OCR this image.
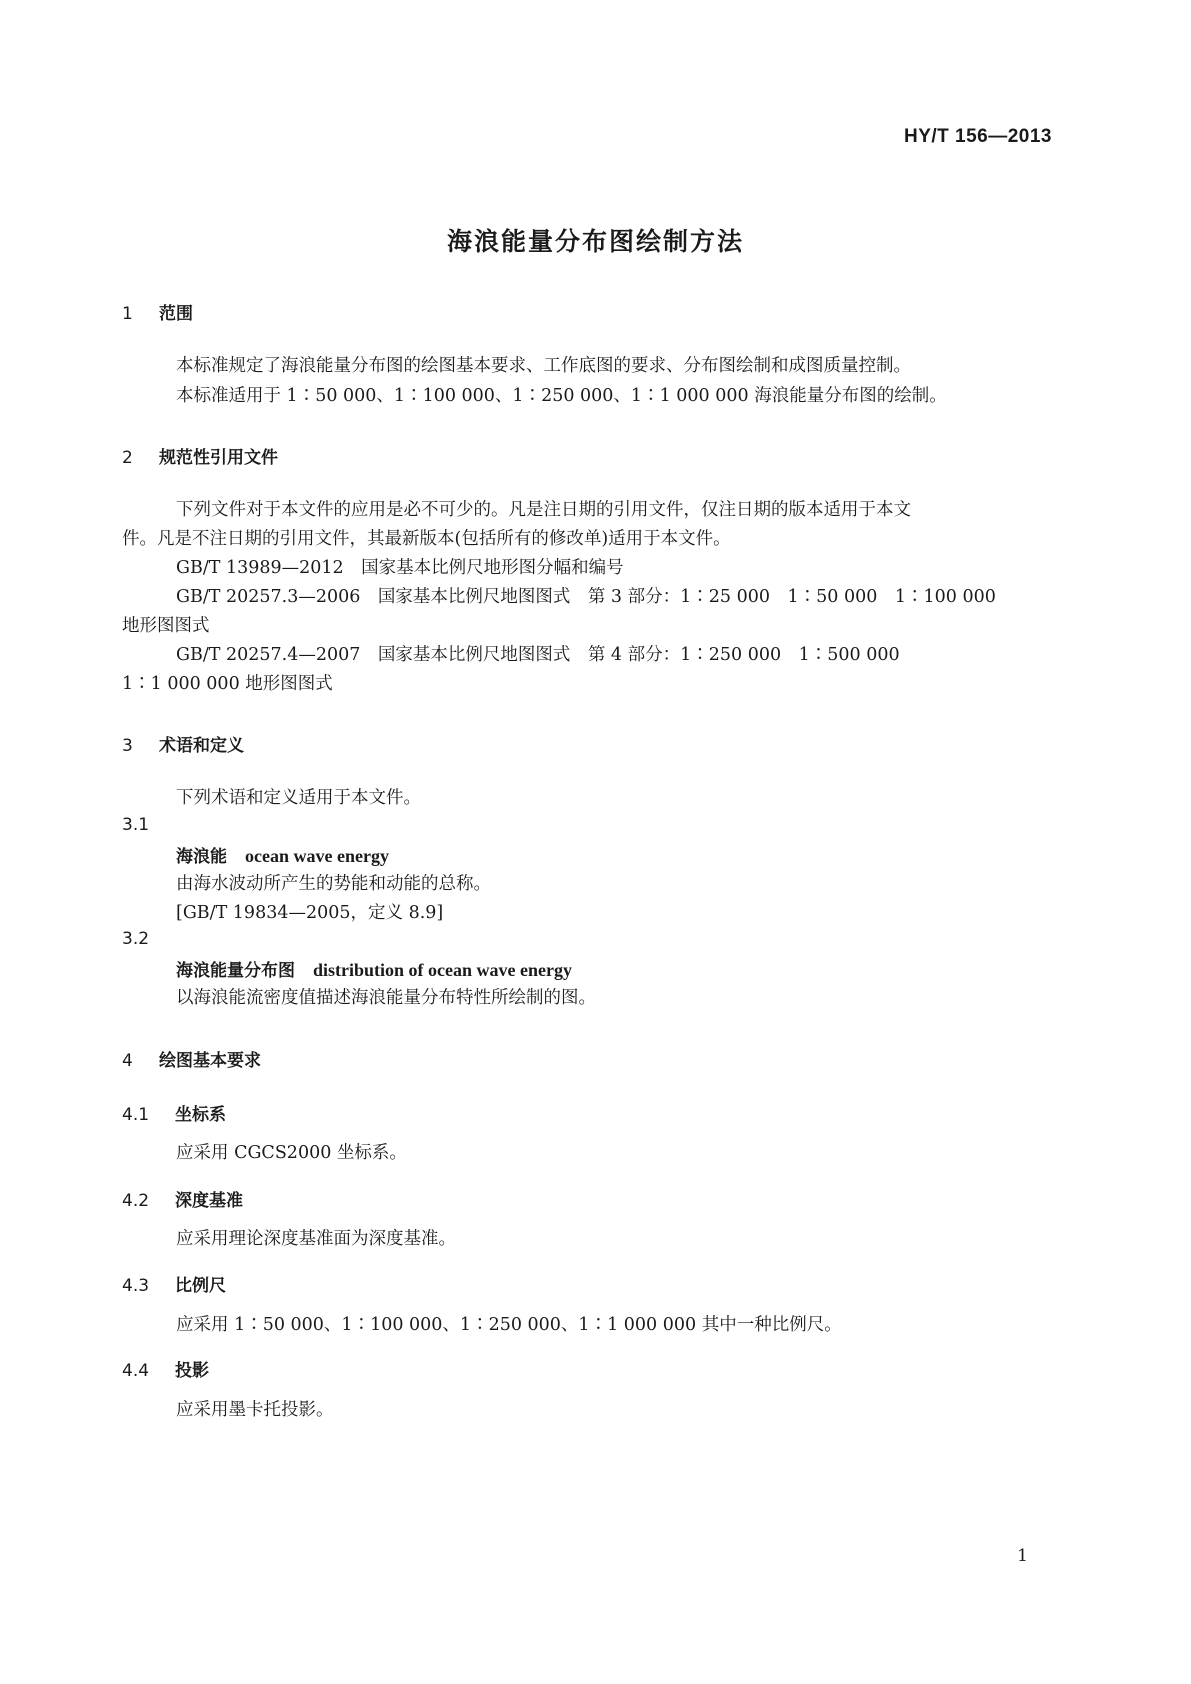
HY/T 156—2013
海浪能量分布图绘制方法
1 范围
本标准规定了海浪能量分布图的绘图基本要求、工作底图的要求、分布图绘制和成图质量控制。
本标准适用于 1∶50 000、1∶100 000、1∶250 000、1∶1 000 000 海浪能量分布图的绘制。
2 规范性引用文件
下列文件对于本文件的应用是必不可少的。凡是注日期的引用文件，仅注日期的版本适用于本文
件。凡是不注日期的引用文件，其最新版本(包括所有的修改单)适用于本文件。
GB/T 13989—2012　国家基本比例尺地形图分幅和编号
GB/T 20257.3—2006　国家基本比例尺地图图式　第 3 部分：1∶25 000　1∶50 000　1∶100 000
地形图图式
GB/T 20257.4—2007　国家基本比例尺地图图式　第 4 部分：1∶250 000　1∶500 000
1∶1 000 000 地形图图式
3 术语和定义
下列术语和定义适用于本文件。
3.1
海浪能 ocean wave energy
由海水波动所产生的势能和动能的总称。
[GB/T 19834—2005，定义 8.9]
3.2
海浪能量分布图 distribution of ocean wave energy
以海浪能流密度值描述海浪能量分布特性所绘制的图。
4 绘图基本要求
4.1 坐标系
应采用 CGCS2000 坐标系。
4.2 深度基准
应采用理论深度基准面为深度基准。
4.3 比例尺
应采用 1∶50 000、1∶100 000、1∶250 000、1∶1 000 000 其中一种比例尺。
4.4 投影
应采用墨卡托投影。
1
